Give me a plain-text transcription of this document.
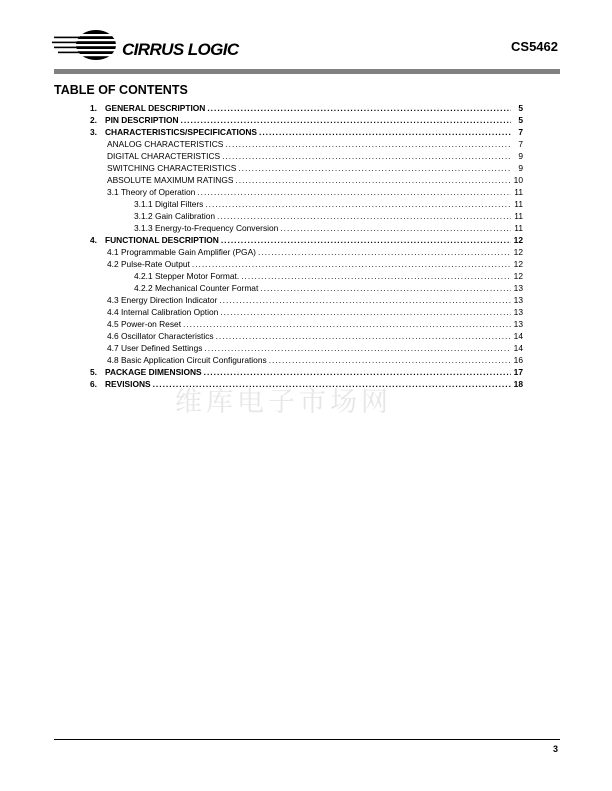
CIRRUS LOGIC	CS5462
TABLE OF CONTENTS
1. GENERAL DESCRIPTION .....	5
2. PIN DESCRIPTION .....	5
3. CHARACTERISTICS/SPECIFICATIONS .....	7
ANALOG CHARACTERISTICS .....	7
DIGITAL CHARACTERISTICS .....	9
SWITCHING CHARACTERISTICS .....	9
ABSOLUTE MAXIMUM RATINGS .....	10
3.1 Theory of Operation .....	11
3.1.1 Digital Filters .....	11
3.1.2 Gain Calibration .....	11
3.1.3 Energy-to-Frequency Conversion .....	11
4. FUNCTIONAL DESCRIPTION .....	12
4.1 Programmable Gain Amplifier (PGA) .....	12
4.2 Pulse-Rate Output .....	12
4.2.1 Stepper Motor Format. .....	12
4.2.2 Mechanical Counter Format .....	13
4.3 Energy Direction Indicator .....	13
4.4 Internal Calibration Option .....	13
4.5 Power-on Reset .....	13
4.6 Oscillator Characteristics .....	14
4.7 User Defined Settings .....	14
4.8 Basic Application Circuit Configurations .....	16
5. PACKAGE DIMENSIONS .....	17
6. REVISIONS .....	18
维库电子市场网
3
